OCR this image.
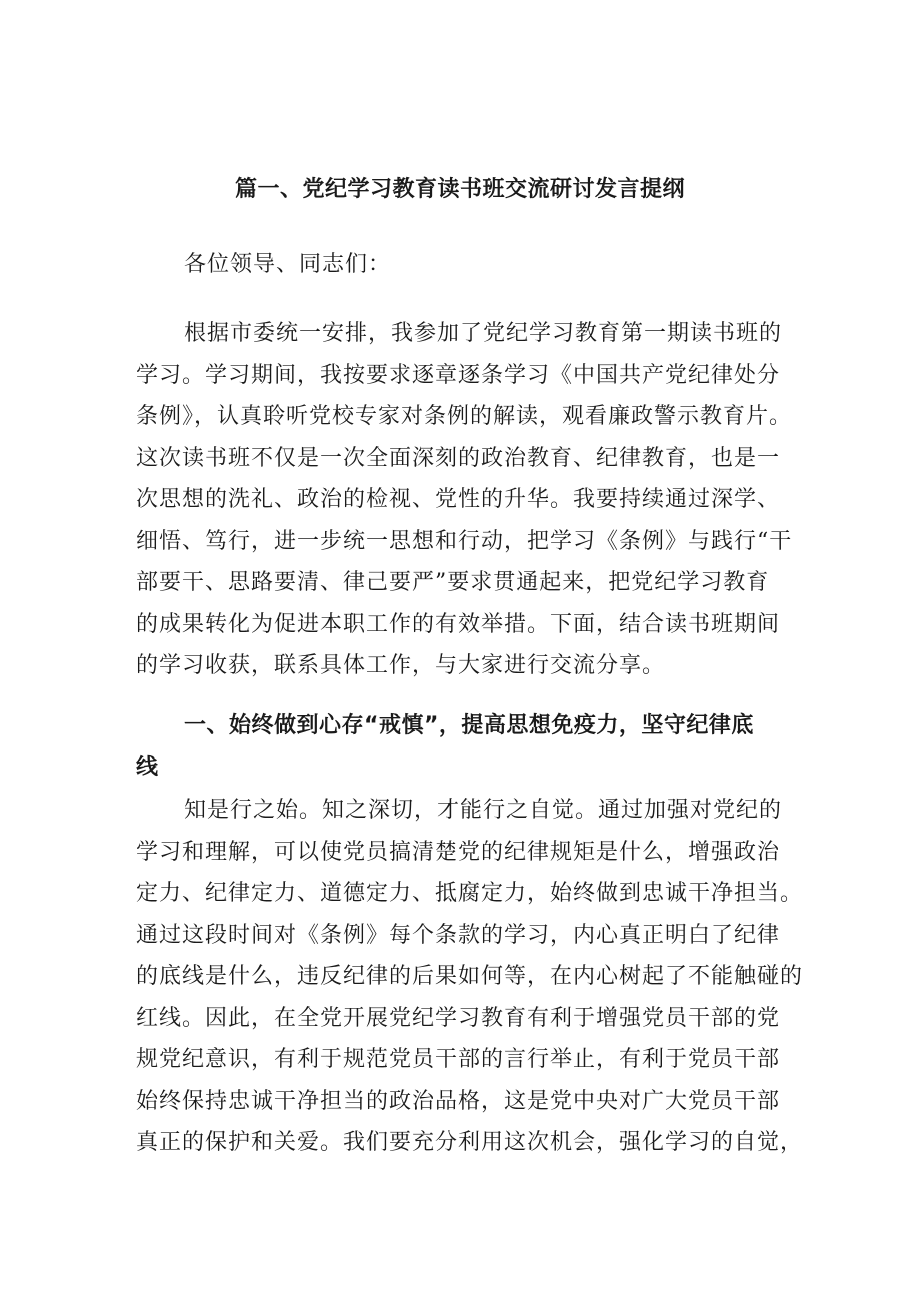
篇一、党纪学习教育读书班交流研讨发言提纲
各位领导、同志们：
根据市委统一安排，我参加了党纪学习教育第一期读书班的
学习。学习期间，我按要求逐章逐条学习《中国共产党纪律处分
条例》，认真聆听党校专家对条例的解读，观看廉政警示教育片。
这次读书班不仅是一次全面深刻的政治教育、纪律教育，也是一
次思想的洗礼、政治的检视、党性的升华。我要持续通过深学、
细悟、笃行，进一步统一思想和行动，把学习《条例》与践行“干
部要干、思路要清、律己要严”要求贯通起来，把党纪学习教育
的成果转化为促进本职工作的有效举措。下面，结合读书班期间
的学习收获，联系具体工作，与大家进行交流分享。
一、始终做到心存“戒慎”，提高思想免疫力，坚守纪律底
线
知是行之始。知之深切，才能行之自觉。通过加强对党纪的
学习和理解，可以使党员搞清楚党的纪律规矩是什么，增强政治
定力、纪律定力、道德定力、抵腐定力，始终做到忠诚干净担当。
通过这段时间对《条例》每个条款的学习，内心真正明白了纪律
的底线是什么，违反纪律的后果如何等，在内心树起了不能触碰的
红线。因此，在全党开展党纪学习教育有利于增强党员干部的党
规党纪意识，有利于规范党员干部的言行举止，有利于党员干部
始终保持忠诚干净担当的政治品格，这是党中央对广大党员干部
真正的保护和关爱。我们要充分利用这次机会，强化学习的自觉，
